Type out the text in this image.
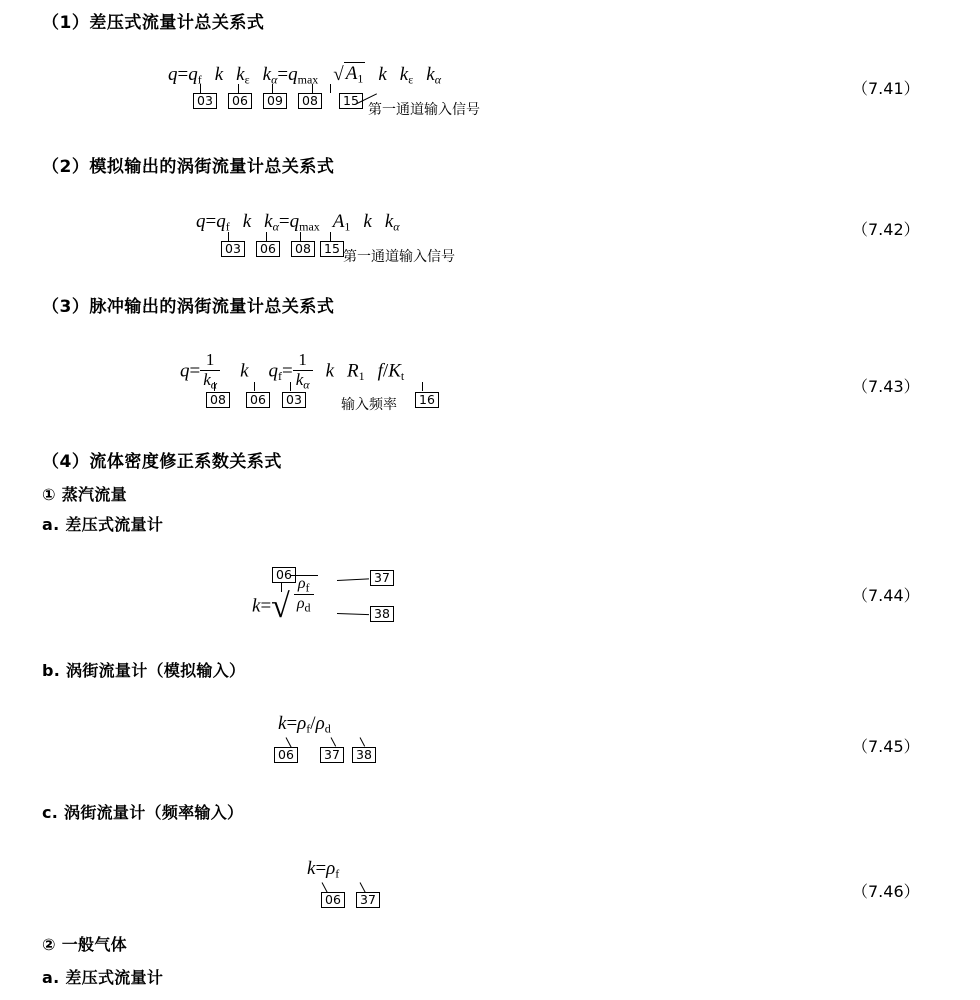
（1）差压式流量计总关系式
$q=q_f$ k $k_\varepsilon$ $k\alpha=q_{max}$ √ $A_1$ k $k_\varepsilon$ kα
03	06	09	08	15
第一通道输入信号
（7.41）
（2）模拟输出的涡街流量计总关系式
$q=q_f$ k $k\alpha=q_{max}$ $A_1$ k kα
03	06	08	15
第一通道输入信号
（7.42）
（3）脉冲输出的涡街流量计总关系式
$q= \frac{1}{k\alpha}$ k $q_f= \frac{1}{k\alpha}$ k $R_1$ $f/K_t$
08	06	03	16
输入频率
（7.43）
（4）流体密度修正系数关系式
① 蒸汽流量
a. 差压式流量计
06
$k=√ \frac{\rho_f}{\rho_d}$	37
38
（7.44）
b. 涡街流量计（模拟输入）
$k=\rho_f/\rho_d$
06	37	38	（7.45）
c. 涡街流量计（频率输入）
$k=\rho_f$
06	37	（7.46）
② 一般气体
a. 差压式流量计
